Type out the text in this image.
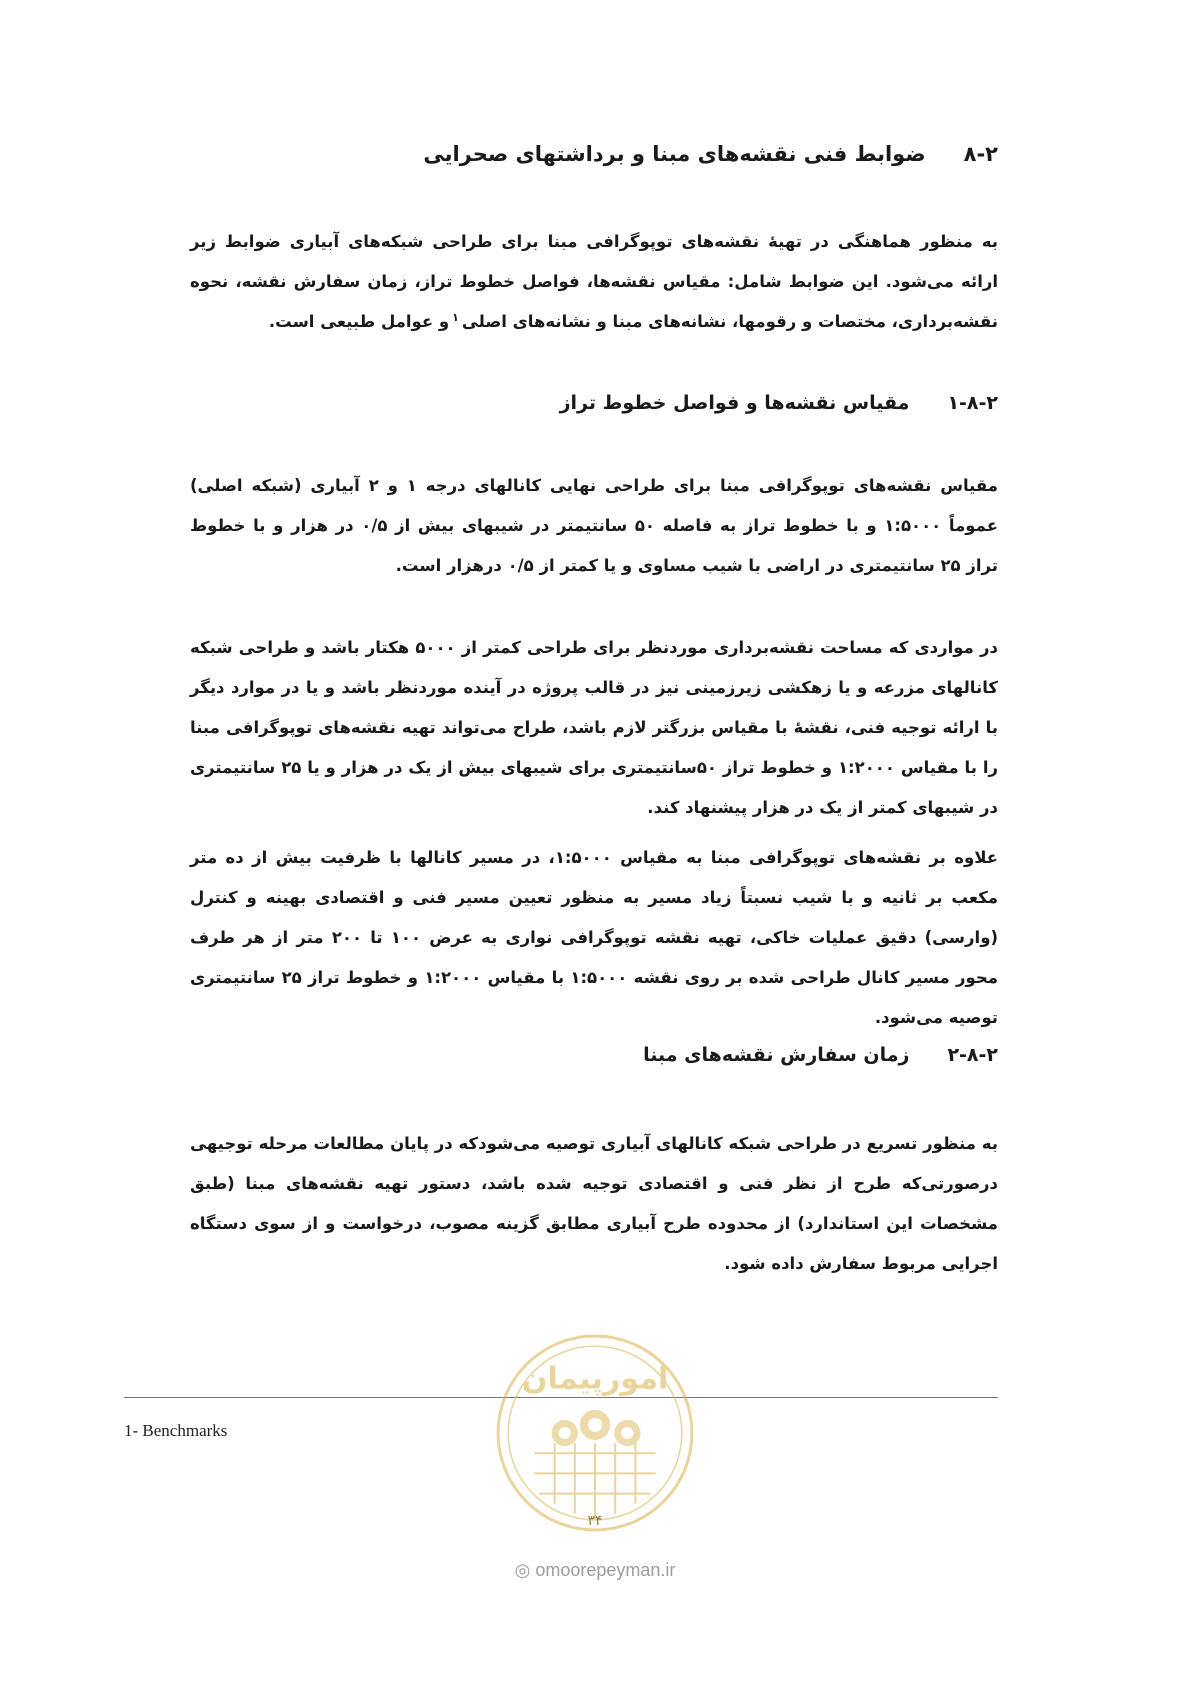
۸-۲ضوابط فنی نقشه‌های مبنا و برداشتهای صحرایی
به منظور هماهنگی در تهیهٔ نقشه‌های توپوگرافی مبنا برای طراحی شبکه‌های آبیاری ضوابط زیر ارائه می‌شود. این ضوابط شامل: مقیاس نقشه‌ها، فواصل خطوط تراز، زمان سفارش نقشه، نحوه نقشه‌برداری، مختصات و رقومها، نشانه‌های مبنا و نشانه‌های اصلی$^۱$و عوامل طبیعی است.
۱-۸-۲مقیاس نقشه‌ها و فواصل خطوط تراز
مقیاس نقشه‌های توپوگرافی مبنا برای طراحی نهایی کانالهای درجه ۱ و ۲ آبیاری (شبکه اصلی) عموماً ۱:۵۰۰۰ و با خطوط تراز به فاصله ۵۰ سانتیمتر در شیبهای بیش از ۰/۵ در هزار و با خطوط تراز ۲۵ سانتیمتری در اراضی با شیب مساوی و یا کمتر از ۰/۵ درهزار است.
در مواردی که مساحت نقشه‌برداری موردنظر برای طراحی کمتر از ۵۰۰۰ هکتار باشد و طراحی شبکه کانالهای مزرعه و یا زهکشی زیرزمینی نیز در قالب پروژه در آینده موردنظر باشد و یا در موارد دیگر با ارائه توجیه فنی، نقشهٔ با مقیاس بزرگتر لازم باشد، طراح می‌تواند تهیه نقشه‌های توپوگرافی مبنا را با مقیاس ۱:۲۰۰۰ و خطوط تراز ۵۰سانتیمتری برای شیبهای بیش از یک در هزار و یا ۲۵ سانتیمتری در شیبهای کمتر از یک در هزار پیشنهاد کند.
علاوه بر نقشه‌های توپوگرافی مبنا به مقیاس ۱:۵۰۰۰، در مسیر کانالها با ظرفیت بیش از ده متر مکعب بر ثانیه و با شیب نسبتاً زیاد مسیر به منظور تعیین مسیر فنی و اقتصادی بهینه و کنترل (وارسی) دقیق عملیات خاکی، تهیه نقشه توپوگرافی نواری به عرض ۱۰۰ تا ۲۰۰ متر از هر طرف محور مسیر کانال طراحی شده بر روی نقشه ۱:۵۰۰۰ با مقیاس ۱:۲۰۰۰ و خطوط تراز ۲۵ سانتیمتری توصیه می‌شود.
۲-۸-۲زمان سفارش نقشه‌های مبنا
به منظور تسریع در طراحی شبکه کانالهای آبیاری توصیه می‌شودکه در پایان مطالعات مرحله توجیهی درصورتی‌که طرح از نظر فنی و اقتصادی توجیه شده باشد، دستور تهیه نقشه‌های مبنا (طبق مشخصات این استاندارد) از محدوده طرح آبیاری مطابق گزینه مصوب، درخواست و از سوی دستگاه اجرایی مربوط سفارش داده شود.
1- Benchmarks
امورپیمان
۳۴
◎ omoorepeyman.ir
